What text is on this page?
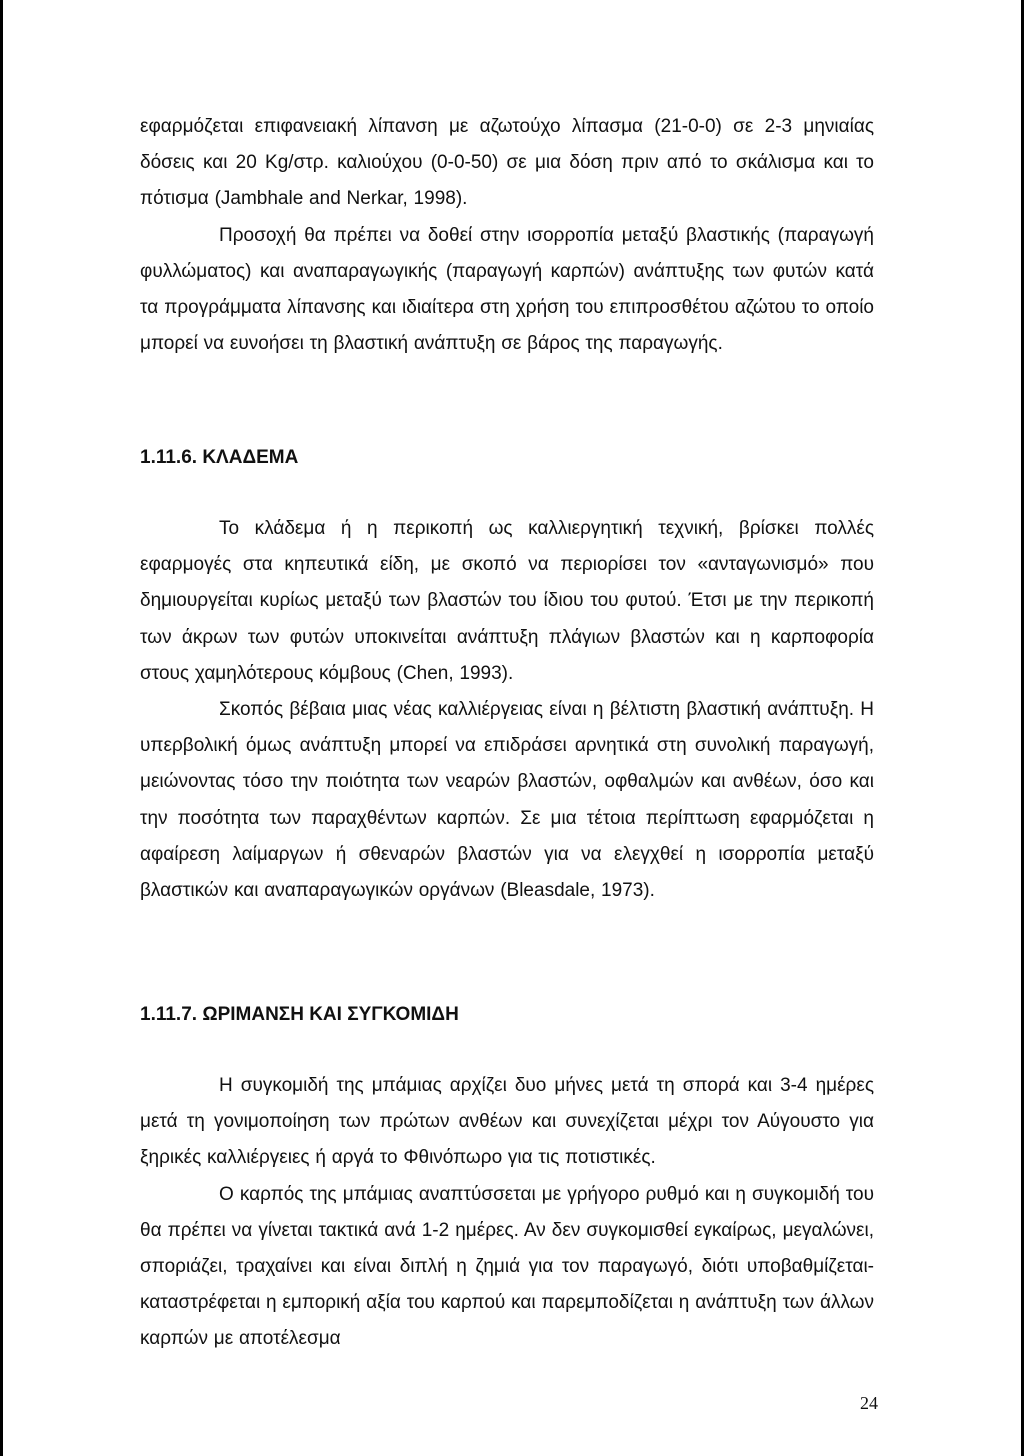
εφαρμόζεται επιφανειακή λίπανση με αζωτούχο λίπασμα (21-0-0) σε 2-3 μηνιαίας δόσεις και 20 Kg/στρ. καλιούχου (0-0-50) σε μια δόση πριν από το σκάλισμα και το πότισμα (Jambhale and Nerkar, 1998).

Προσοχή θα πρέπει να δοθεί στην ισορροπία μεταξύ βλαστικής (παραγωγή φυλλώματος) και αναπαραγωγικής (παραγωγή καρπών) ανάπτυξης των φυτών κατά τα προγράμματα λίπανσης και ιδιαίτερα στη χρήση του επιπροσθέτου αζώτου το οποίο μπορεί να ευνοήσει τη βλαστική ανάπτυξη σε βάρος της παραγωγής.

1.11.6. ΚΛΑΔΕΜΑ

Το κλάδεμα ή η περικοπή ως καλλιεργητική τεχνική, βρίσκει πολλές εφαρμογές στα κηπευτικά είδη, με σκοπό να περιορίσει τον «ανταγωνισμό» που δημιουργείται κυρίως μεταξύ των βλαστών του ίδιου του φυτού. Έτσι με την περικοπή των άκρων των φυτών υποκινείται ανάπτυξη πλάγιων βλαστών και η καρποφορία στους χαμηλότερους κόμβους (Chen, 1993).

Σκοπός βέβαια μιας νέας καλλιέργειας είναι η βέλτιστη βλαστική ανάπτυξη. Η υπερβολική όμως ανάπτυξη μπορεί να επιδράσει αρνητικά στη συνολική παραγωγή, μειώνοντας τόσο την ποιότητα των νεαρών βλαστών, οφθαλμών και ανθέων, όσο και την ποσότητα των παραχθέντων καρπών. Σε μια τέτοια περίπτωση εφαρμόζεται η αφαίρεση λαίμαργων ή σθεναρών βλαστών για να ελεγχθεί η ισορροπία μεταξύ βλαστικών και αναπαραγωγικών οργάνων (Bleasdale, 1973).

1.11.7. ΩΡΙΜΑΝΣΗ ΚΑΙ ΣΥΓΚΟΜΙΔΗ

Η συγκομιδή της μπάμιας αρχίζει δυο μήνες μετά τη σπορά και 3-4 ημέρες μετά τη γονιμοποίηση των πρώτων ανθέων και συνεχίζεται μέχρι τον Αύγουστο για ξηρικές καλλιέργειες ή αργά το Φθινόπωρο για τις ποτιστικές.

Ο καρπός της μπάμιας αναπτύσσεται με γρήγορο ρυθμό και η συγκομιδή του θα πρέπει να γίνεται τακτικά ανά 1-2 ημέρες. Αν δεν συγκομισθεί εγκαίρως, μεγαλώνει, σποριάζει, τραχαίνει και είναι διπλή η ζημιά για τον παραγωγό, διότι υποβαθμίζεται-καταστρέφεται η εμπορική αξία του καρπού και παρεμποδίζεται η ανάπτυξη των άλλων καρπών με αποτέλεσμα

24
